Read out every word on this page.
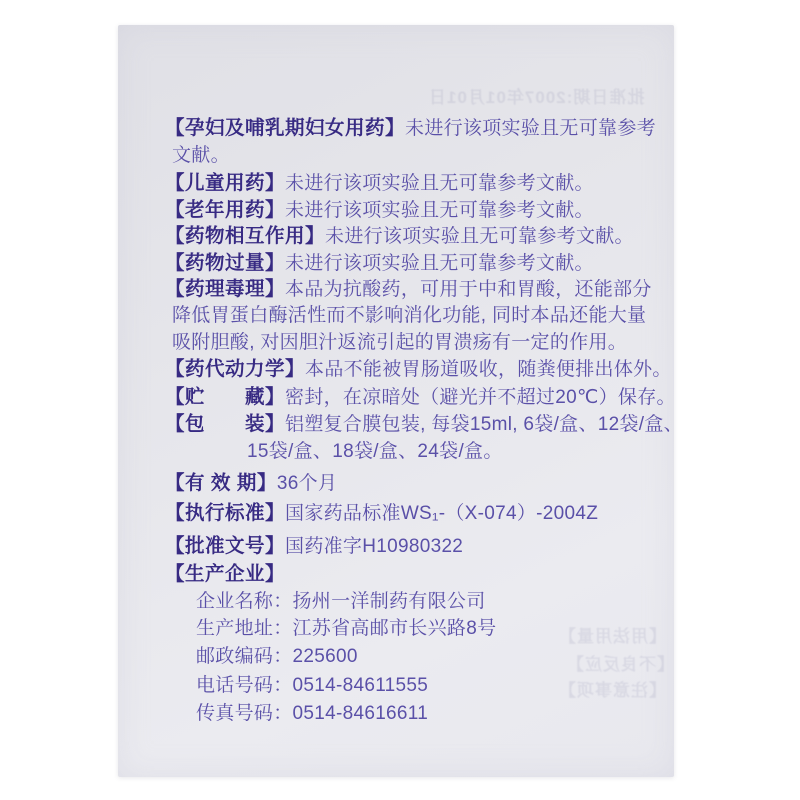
批准日期:2007年01月01日
【用法用量】
【不良反应】
【注意事项】
【孕妇及哺乳期妇女用药】未进行该项实验且无可靠参考
文献。
【儿童用药】未进行该项实验且无可靠参考文献。
【老年用药】未进行该项实验且无可靠参考文献。
【药物相互作用】未进行该项实验且无可靠参考文献。
【药物过量】未进行该项实验且无可靠参考文献。
【药理毒理】本品为抗酸药，可用于中和胃酸，还能部分
降低胃蛋白酶活性而不影响消化功能, 同时本品还能大量
吸附胆酸, 对因胆汁返流引起的胃溃疡有一定的作用。
【药代动力学】本品不能被胃肠道吸收，随粪便排出体外。
【贮　　藏】密封，在凉暗处（避光并不超过20℃）保存。
【包　　装】铝塑复合膜包装, 每袋15ml, 6袋/盒、12袋/盒、
15袋/盒、18袋/盒、24袋/盒。
【有 效 期】36个月
【执行标准】国家药品标准WS₁-（X-074）-2004Z
【批准文号】国药准字H10980322
【生产企业】
企业名称：扬州一洋制药有限公司
生产地址：江苏省高邮市长兴路8号
邮政编码：225600
电话号码：0514-84611555
传真号码：0514-84616611
